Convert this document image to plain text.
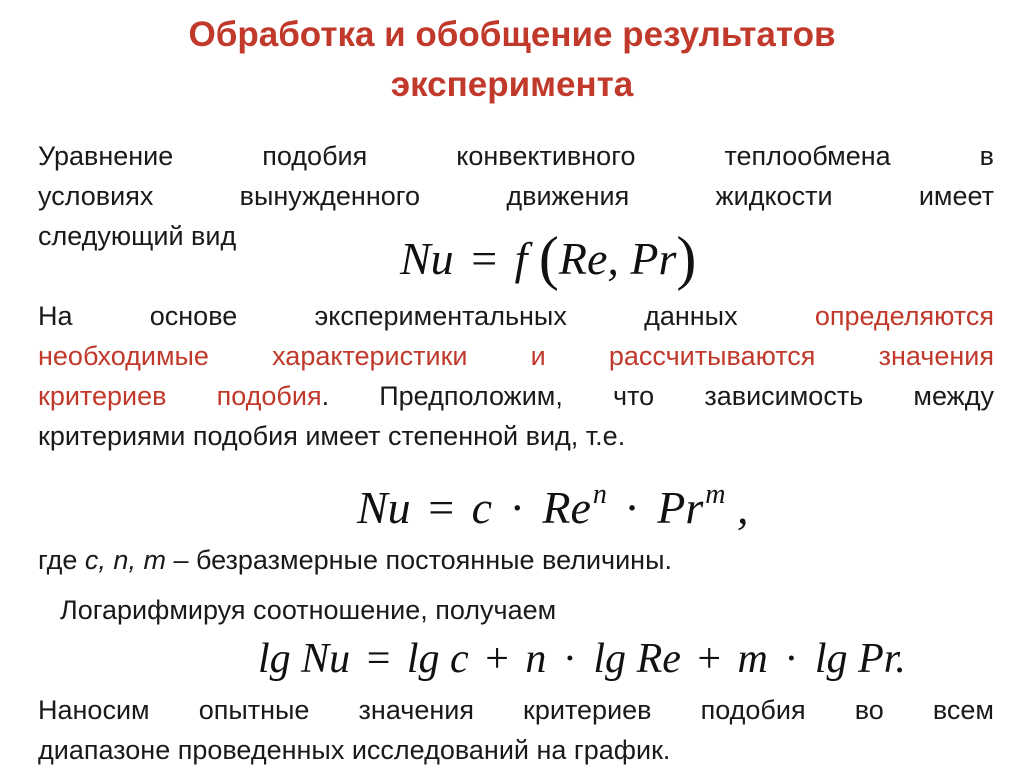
Обработка и обобщение результатов
эксперимента
Уравнение подобия конвективного теплообмена в
условиях вынужденного движения жидкости имеет
следующий вид	Nu = f (Re, Pr)
На основе экспериментальных данных определяются
необходимые характеристики и рассчитываются значения
критериев подобия. Предположим, что зависимость между
критериями подобия имеет степенной вид, т.е.
$Nu = c \cdot Re^n \cdot Pr^m$ ,
где c, n, m – безразмерные постоянные величины.
Логарифмируя соотношение, получаем
lg Nu = lg c + n · lg Re + m · lg Pr.
Наносим опытные значения критериев подобия во всем
диапазоне проведенных исследований на график.
